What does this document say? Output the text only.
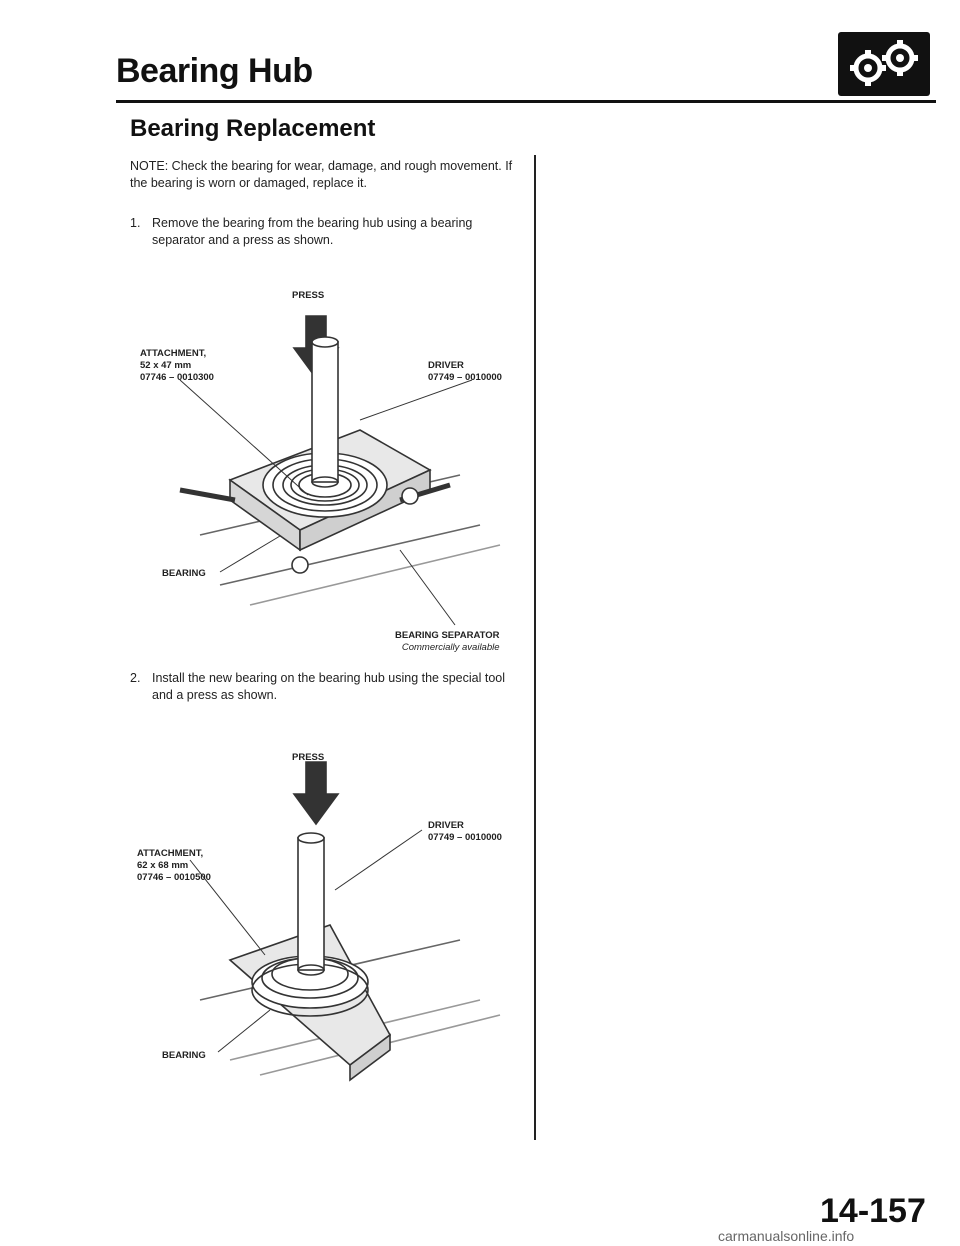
Bearing Hub
Bearing Replacement
NOTE: Check the bearing for wear, damage, and rough movement. If the bearing is worn or damaged, replace it.
1. Remove the bearing from the bearing hub using a bearing separator and a press as shown.
PRESS
ATTACHMENT,
52 x 47 mm
07746 – 0010300
DRIVER
07749 – 0010000
BEARING
BEARING SEPARATOR
Commercially available
2. Install the new bearing on the bearing hub using the special tool and a press as shown.
PRESS
DRIVER
07749 – 0010000
ATTACHMENT,
62 x 68 mm
07746 – 0010500
BEARING
14-157
carmanualsonline.info
